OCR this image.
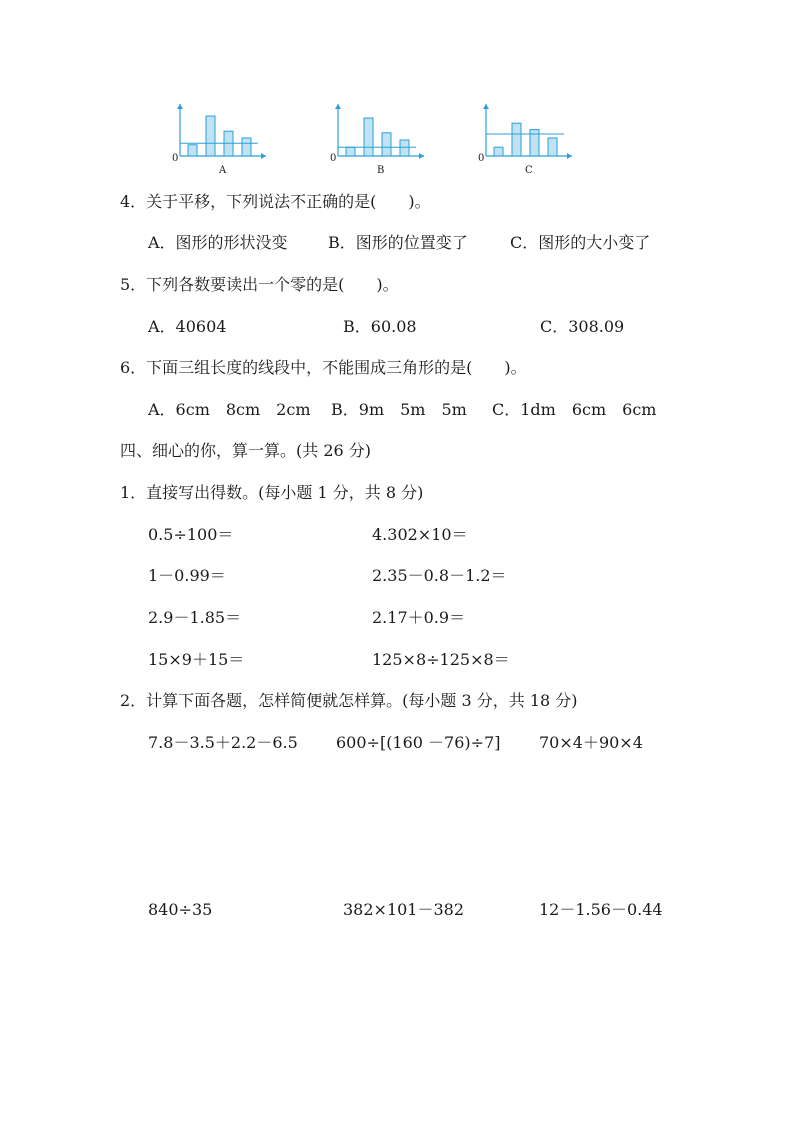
0
A
0
B
0
C
4．关于平移，下列说法不正确的是(　　)。
A．图形的形状没变	B．图形的位置变了	C．图形的大小变了
5．下列各数要读出一个零的是(　　)。
A．40604	B．60.08	C．308.09
6．下面三组长度的线段中，不能围成三角形的是(　　)。
A．6cm　8cm　2cm B．9m　5m　5m C．1dm　6cm　6cm
四、细心的你，算一算。(共 26 分)
1．直接写出得数。(每小题 1 分，共 8 分)
0.5÷100＝	4.302×10＝
1－0.99＝	2.35－0.8－1.2＝
2.9－1.85＝	2.17＋0.9＝
15×9＋15＝	125×8÷125×8＝
2．计算下面各题，怎样简便就怎样算。(每小题 3 分，共 18 分)
7.8－3.5＋2.2－6.5 600÷[(160 －76)÷7] 70×4＋90×4
840÷35	382×101－382	12－1.56－0.44
